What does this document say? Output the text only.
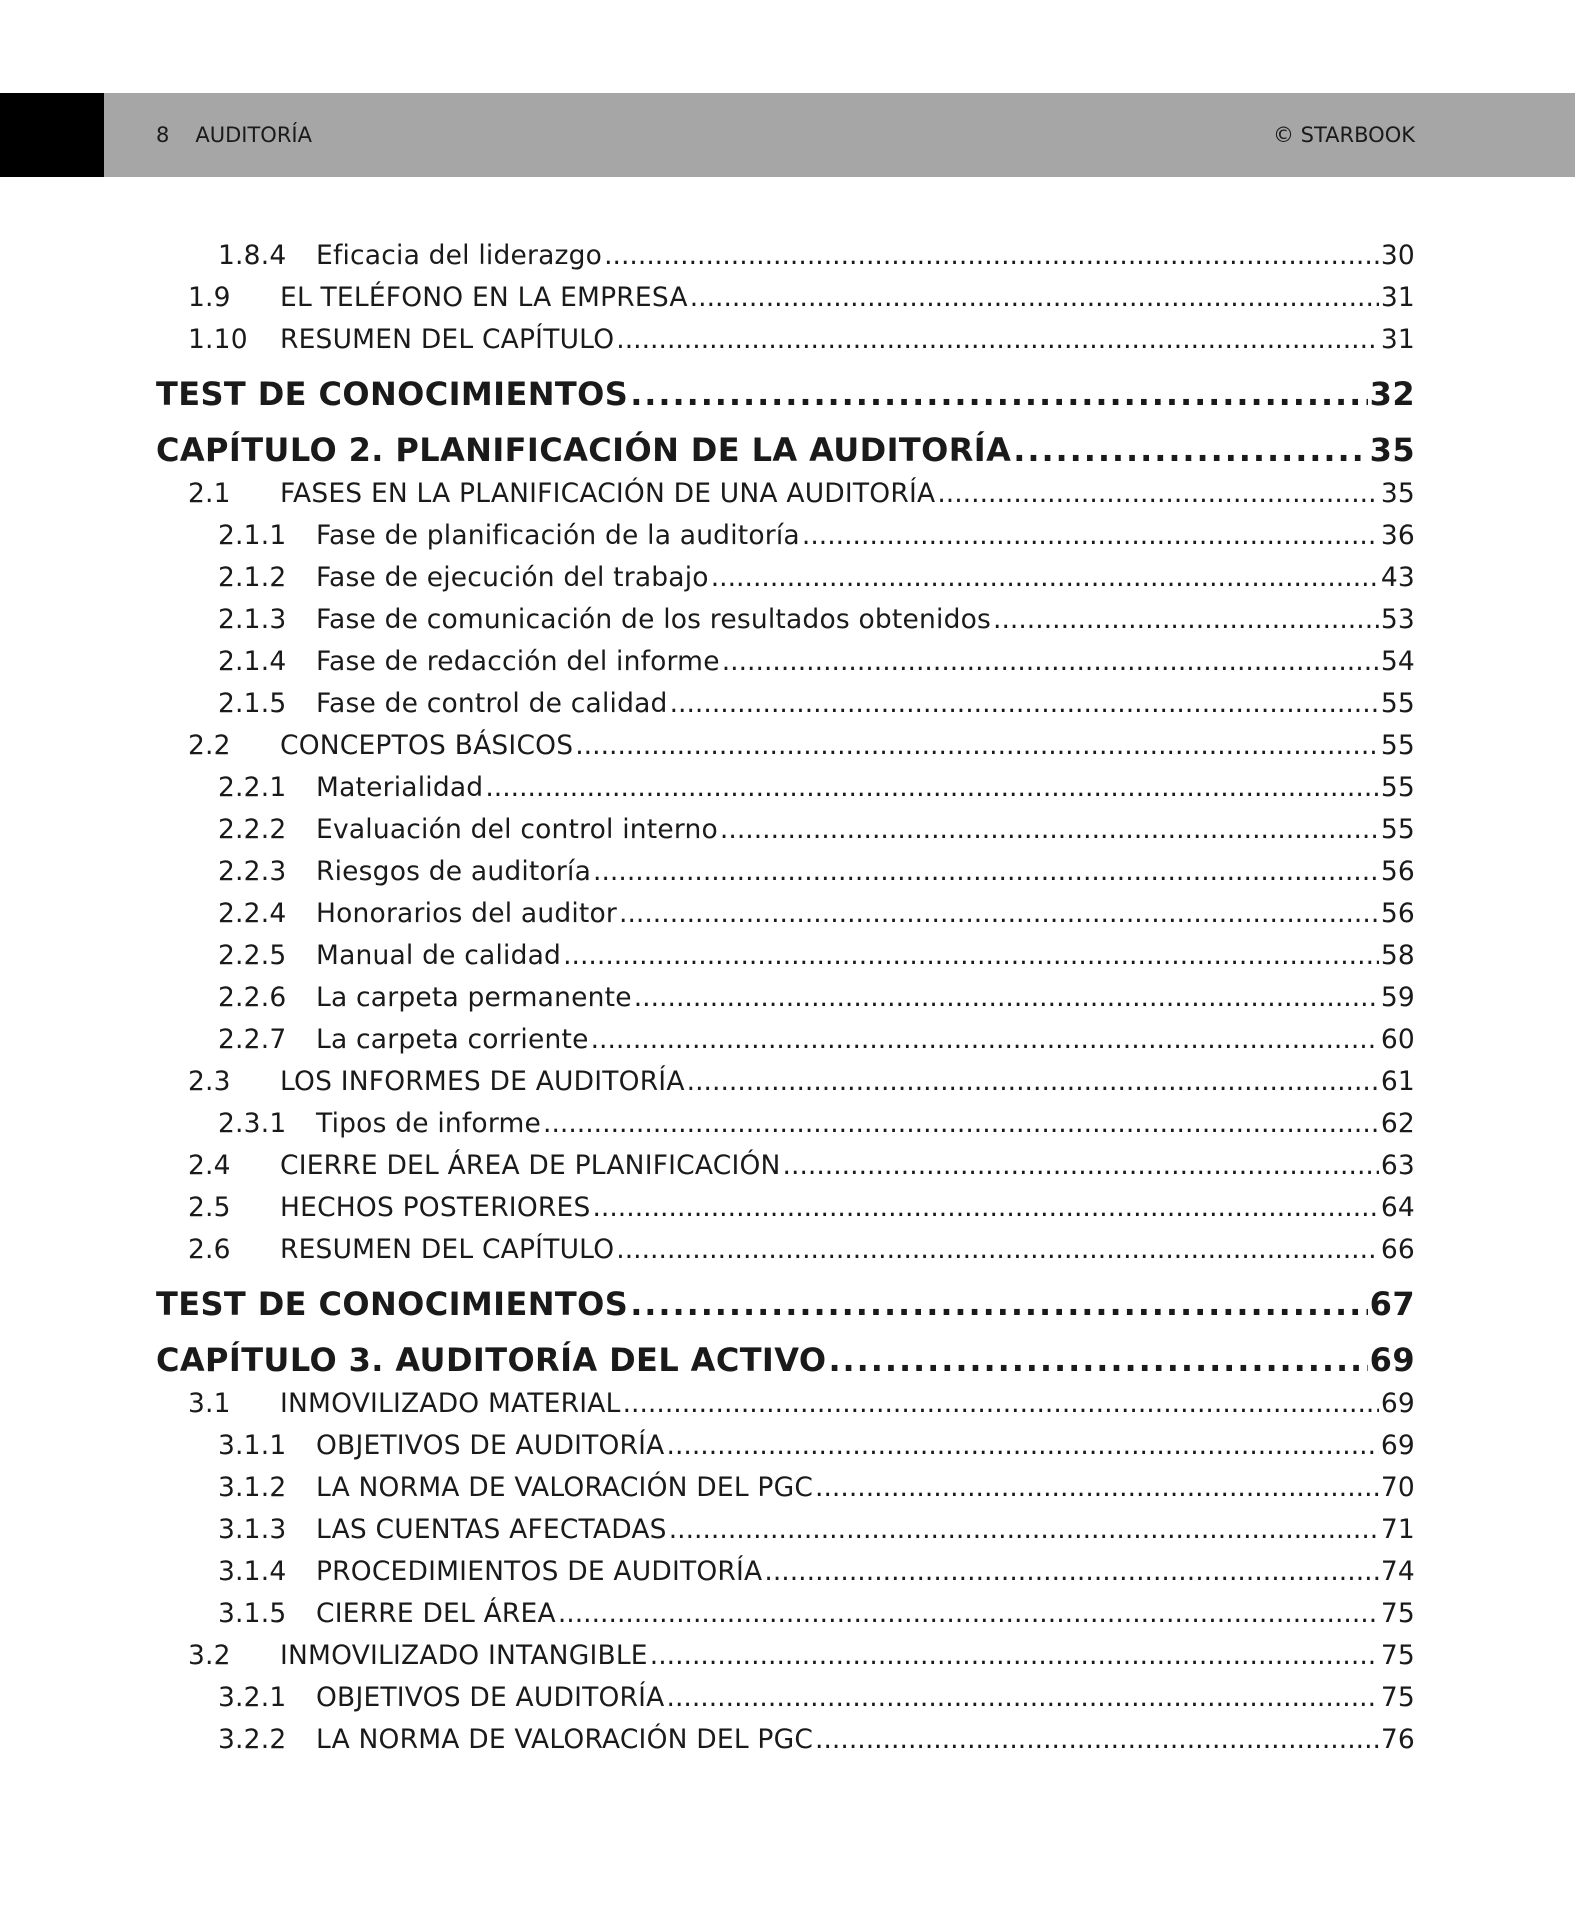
8 AUDITORÍA	© STARBOOK
1.8.4	Eficacia del liderazgo . . .	30
1.9	EL TELÉFONO EN LA EMPRESA . . .	31
1.10	RESUMEN DEL CAPÍTULO . . .	31
TEST DE CONOCIMIENTOS . . .	32
CAPÍTULO 2. PLANIFICACIÓN DE LA AUDITORÍA . . .	35
2.1	FASES EN LA PLANIFICACIÓN DE UNA AUDITORÍA . . .	35
2.1.1	Fase de planificación de la auditoría . . .	36
2.1.2	Fase de ejecución del trabajo . . .	43
2.1.3	Fase de comunicación de los resultados obtenidos . . .	53
2.1.4	Fase de redacción del informe . . .	54
2.1.5	Fase de control de calidad . . .	55
2.2	CONCEPTOS BÁSICOS . . .	55
2.2.1	Materialidad . . .	55
2.2.2	Evaluación del control interno . . .	55
2.2.3	Riesgos de auditoría . . .	56
2.2.4	Honorarios del auditor . . .	56
2.2.5	Manual de calidad . . .	58
2.2.6	La carpeta permanente . . .	59
2.2.7	La carpeta corriente . . .	60
2.3	LOS INFORMES DE AUDITORÍA . . .	61
2.3.1	Tipos de informe . . .	62
2.4	CIERRE DEL ÁREA DE PLANIFICACIÓN . . .	63
2.5	HECHOS POSTERIORES . . .	64
2.6	RESUMEN DEL CAPÍTULO . . .	66
TEST DE CONOCIMIENTOS . . .	67
CAPÍTULO 3. AUDITORÍA DEL ACTIVO . . .	69
3.1	INMOVILIZADO MATERIAL . . .	69
3.1.1	OBJETIVOS DE AUDITORÍA . . .	69
3.1.2	LA NORMA DE VALORACIÓN DEL PGC . . .	70
3.1.3	LAS CUENTAS AFECTADAS . . .	71
3.1.4	PROCEDIMIENTOS DE AUDITORÍA . . .	74
3.1.5	CIERRE DEL ÁREA . . .	75
3.2	INMOVILIZADO INTANGIBLE . . .	75
3.2.1	OBJETIVOS DE AUDITORÍA . . .	75
3.2.2	LA NORMA DE VALORACIÓN DEL PGC . . .	76
